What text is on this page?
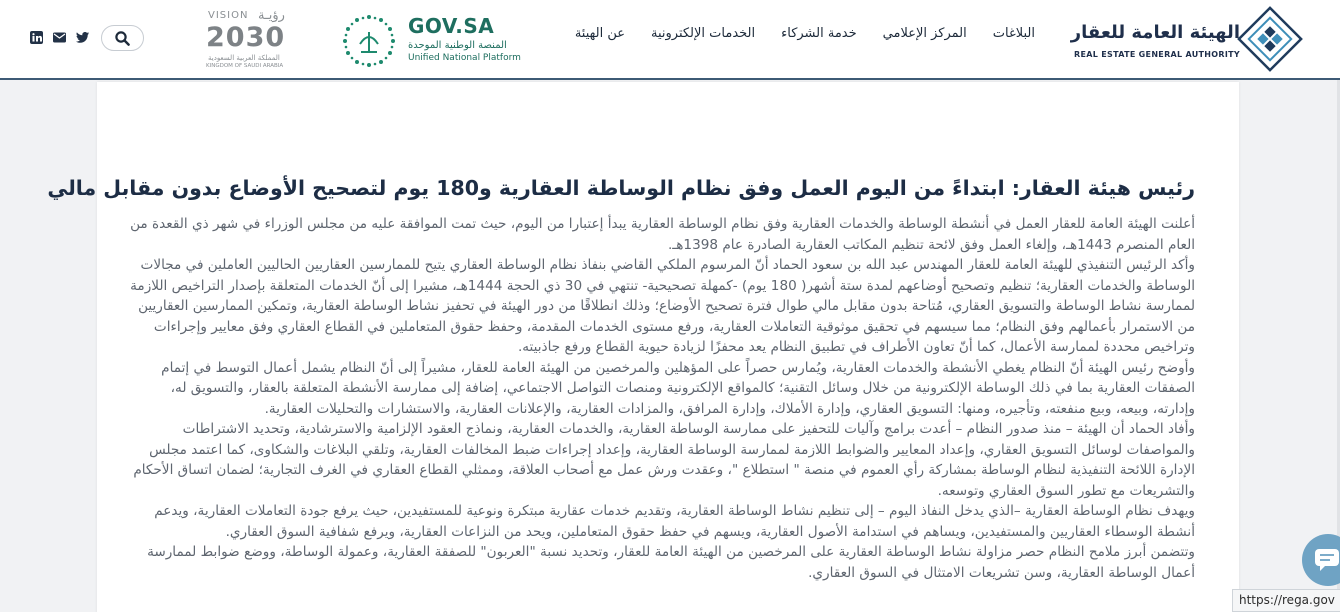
الهيئة العامة للعقار
REAL ESTATE GENERAL AUTHORITY
عن الهيئة	الخدمات الإلكترونية	خدمة الشركاء	المركز الإعلامي	البلاغات
GOV.SA
المنصة الوطنية الموحدة
Unified National Platform
VISION رؤيـة
2030
المملكة العربية السعودية
KINGDOM OF SAUDI ARABIA
رئيس هيئة العقار: ابتداءً من اليوم العمل وفق نظام الوساطة العقارية و180 يوم لتصحيح الأوضاع بدون مقابل مالي

أعلنت الهيئة العامة للعقار العمل في أنشطة الوساطة والخدمات العقارية وفق نظام الوساطة العقارية يبدأ إعتبارا من اليوم، حيث تمت الموافقة عليه من مجلس الوزراء في شهر ذي القعدة من العام المنصرم 1443هـ، وإلغاء العمل وفق لائحة تنظيم المكاتب العقارية الصادرة عام 1398هـ.

وأكد الرئيس التنفيذي للهيئة العامة للعقار المهندس عبد الله بن سعود الحماد أنّ المرسوم الملكي القاضي بنفاذ نظام الوساطة العقاري يتيح للممارسين العقاريين الحاليين العاملين في مجالات الوساطة والخدمات العقارية؛ تنظيم وتصحيح أوضاعهم لمدة ستة أشهر( 180 يوم) -كمهلة تصحيحية- تنتهي في 30 ذي الحجة 1444هـ، مشيرا إلى أنّ الخدمات المتعلقة بإصدار التراخيص اللازمة لممارسة نشاط الوساطة والتسويق العقاري، مُتاحة بدون مقابل مالي طوال فترة تصحيح الأوضاع؛ وذلك انطلاقًا من دور الهيئة في تحفيز نشاط الوساطة العقارية، وتمكين الممارسين العقاريين من الاستمرار بأعمالهم وفق النظام؛ مما سيسهم في تحقيق موثوقية التعاملات العقارية، ورفع مستوى الخدمات المقدمة، وحفظ حقوق المتعاملين في القطاع العقاري وفق معايير وإجراءات وتراخيص محددة لممارسة الأعمال، كما أنّ تعاون الأطراف في تطبيق النظام يعد محفزًا لزيادة حيوية القطاع ورفع جاذبيته.

وأوضح رئيس الهيئة أنّ النظام يغطي الأنشطة والخدمات العقارية، ويُمارس حصراً على المؤهلين والمرخصين من الهيئة العامة للعقار، مشيراً إلى أنّ النظام يشمل أعمال التوسط في إتمام الصفقات العقارية بما في ذلك الوساطة الإلكترونية من خلال وسائل التقنية؛ كالمواقع الإلكترونية ومنصات التواصل الاجتماعي، إضافة إلى ممارسة الأنشطة المتعلقة بالعقار، والتسويق له، وإدارته، وبيعه، وبيع منفعته، وتأجيره، ومنها: التسويق العقاري، وإدارة الأملاك، وإدارة المرافق، والمزادات العقارية، والإعلانات العقارية، والاستشارات والتحليلات العقارية.

وأفاد الحماد أن الهيئة – منذ صدور النظام – أعدت برامج وآليات للتحفيز على ممارسة الوساطة العقارية، والخدمات العقارية، ونماذج العقود الإلزامية والاسترشادية، وتحديد الاشتراطات والمواصفات لوسائل التسويق العقاري، وإعداد المعايير والضوابط اللازمة لممارسة الوساطة العقارية، وإعداد إجراءات ضبط المخالفات العقارية، وتلقي البلاغات والشكاوى، كما اعتمد مجلس الإدارة اللائحة التنفيذية لنظام الوساطة بمشاركة رأي العموم في منصة " استطلاع "، وعقدت ورش عمل مع أصحاب العلاقة، وممثلي القطاع العقاري في الغرف التجارية؛ لضمان اتساق الأحكام والتشريعات مع تطور السوق العقاري وتوسعه.

ويهدف نظام الوساطة العقارية –الذي يدخل النفاذ اليوم – إلى تنظيم نشاط الوساطة العقارية، وتقديم خدمات عقارية مبتكرة ونوعية للمستفيدين، حيث يرفع جودة التعاملات العقارية، ويدعم أنشطة الوسطاء العقاريين والمستفيدين، ويساهم في استدامة الأصول العقارية، ويسهم في حفظ حقوق المتعاملين، ويحد من النزاعات العقارية، ويرفع شفافية السوق العقاري.

وتتضمن أبرز ملامح النظام حصر مزاولة نشاط الوساطة العقارية على المرخصين من الهيئة العامة للعقار، وتحديد نسبة "العربون" للصفقة العقارية، وعمولة الوساطة، ووضع ضوابط لممارسة أعمال الوساطة العقارية، وسن تشريعات الامتثال في السوق العقاري.

https://rega.gov
